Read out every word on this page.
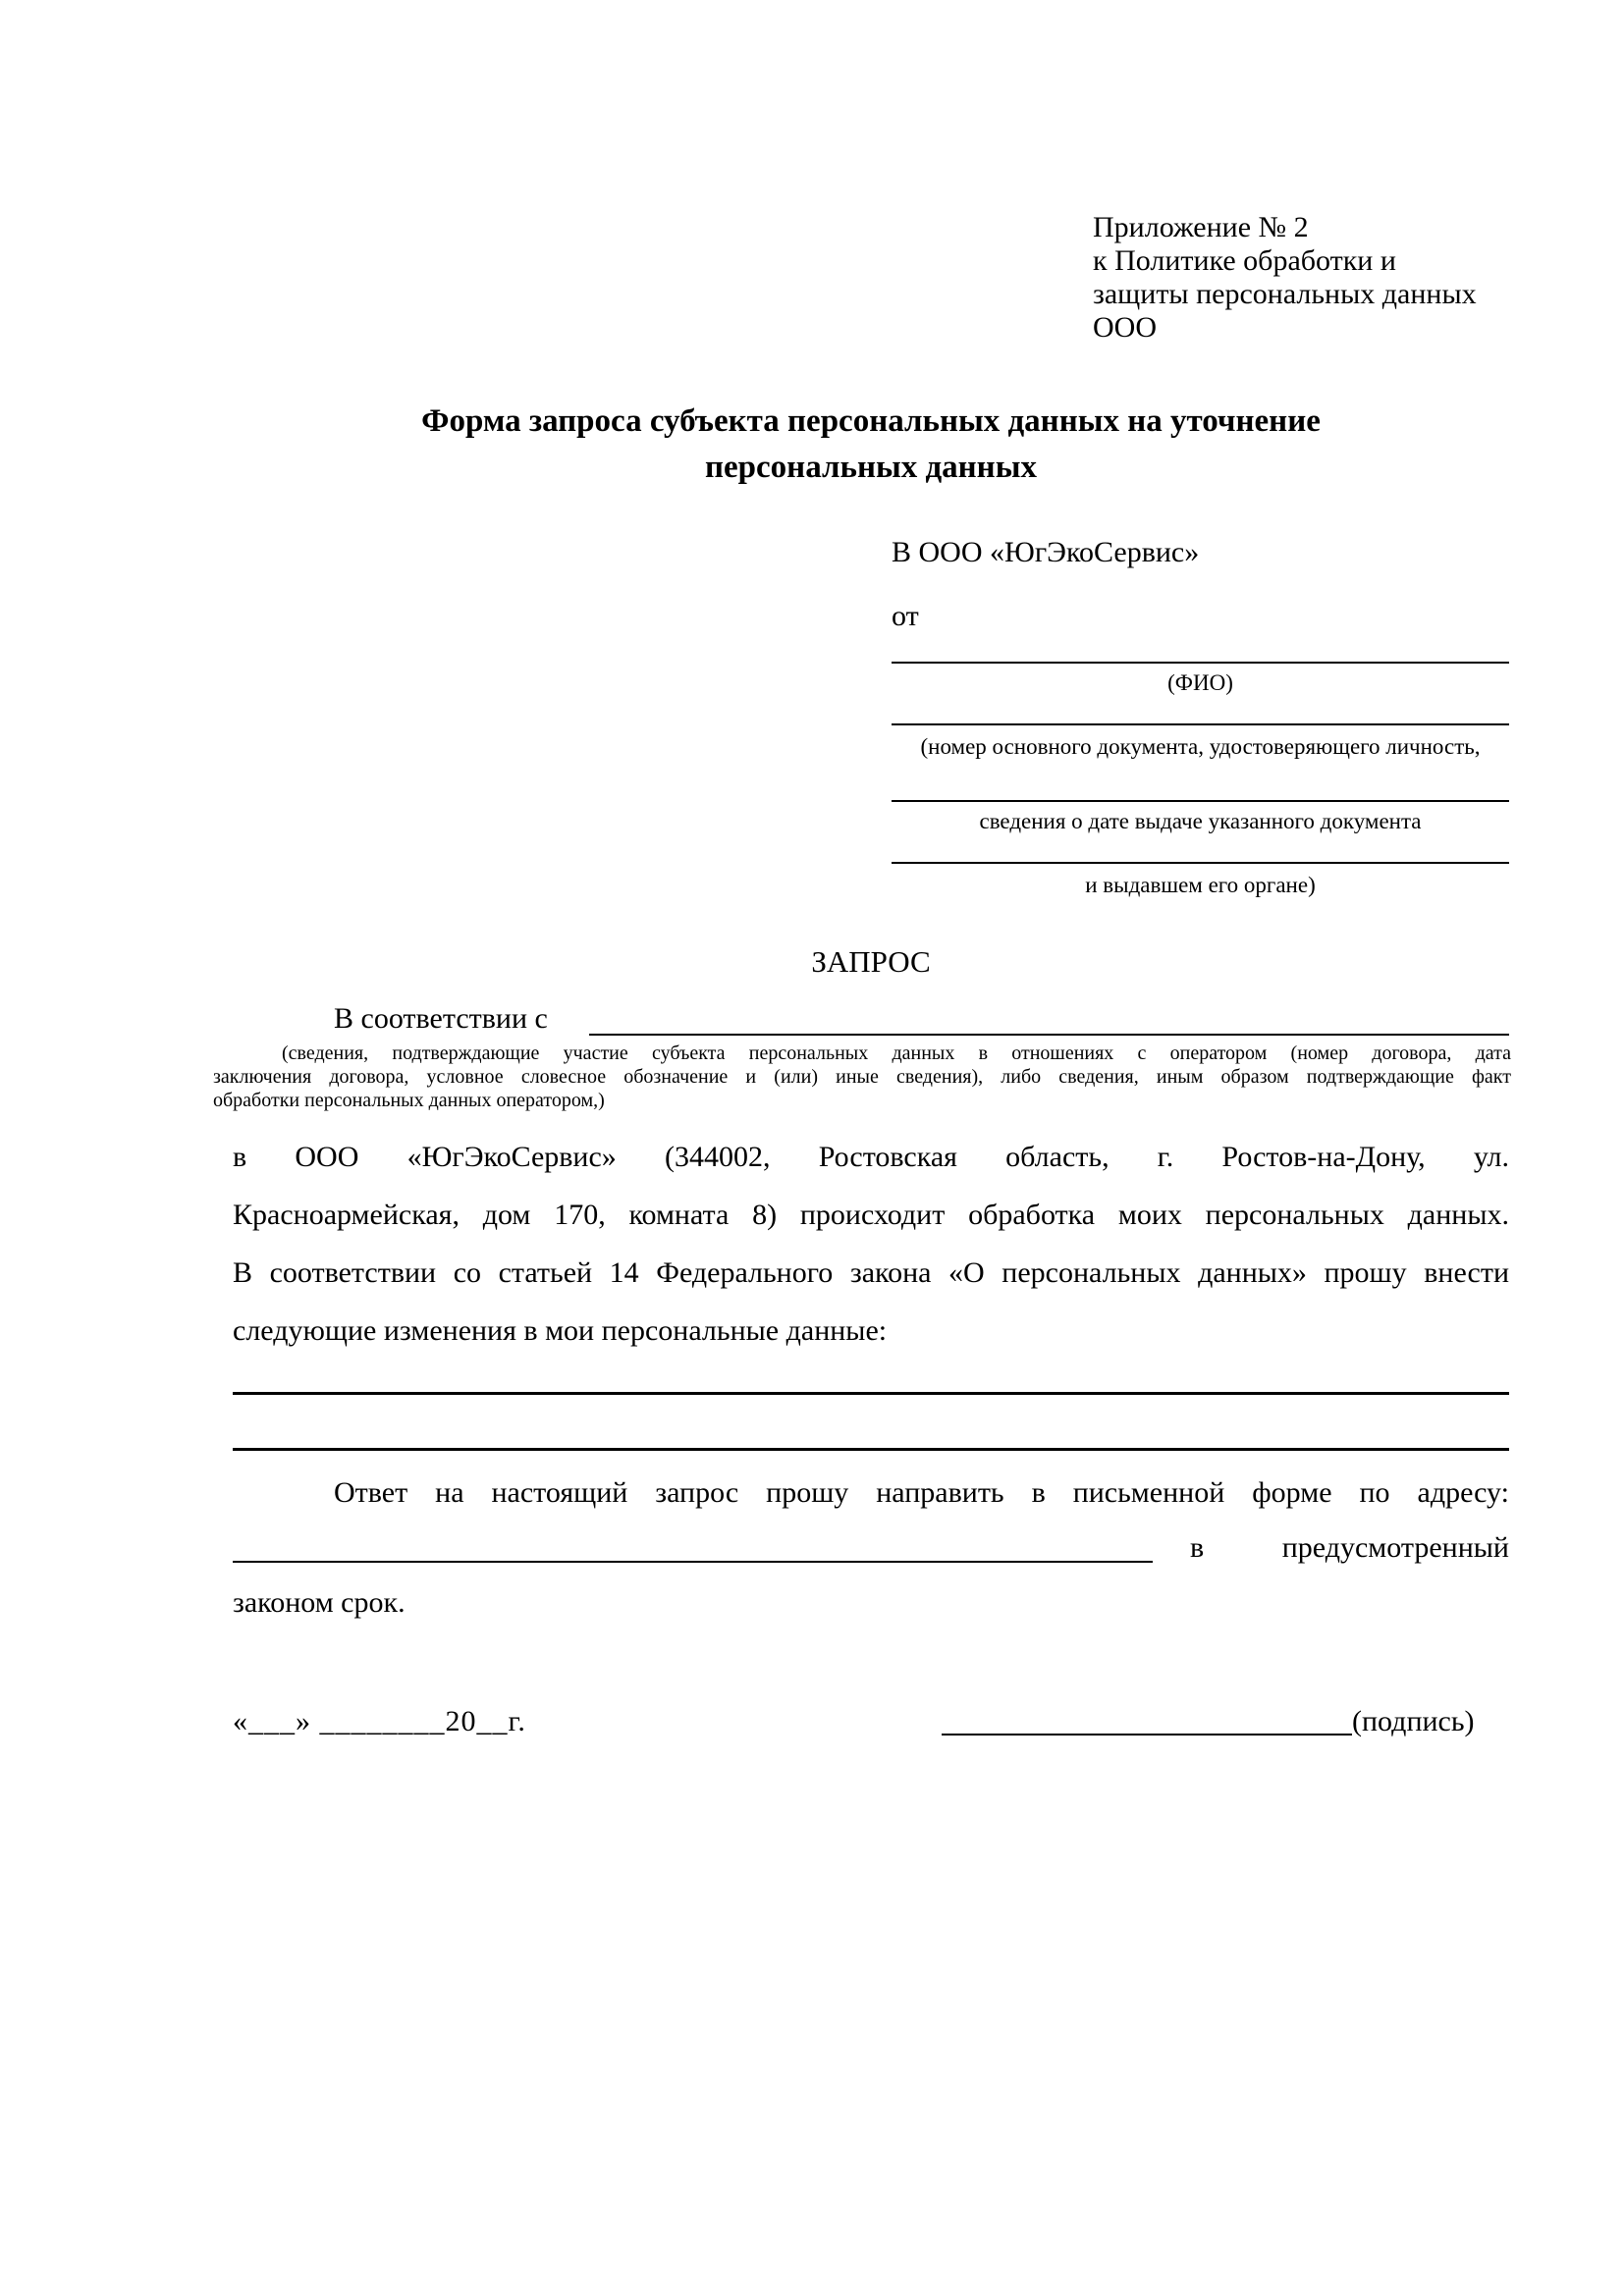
Приложение № 2
к Политике обработки и
защиты персональных данных
ООО
Форма запроса субъекта персональных данных на уточнение
персональных данных
В ООО «ЮгЭкоСервис»
от
(ФИО)
(номер основного документа, удостоверяющего личность,
сведения о дате выдаче указанного документа
и выдавшем его органе)
ЗАПРОС
В соответствии с
(сведения, подтверждающие участие субъекта персональных данных в отношениях с оператором (номер договора, дата
заключения договора, условное словесное обозначение и (или) иные сведения), либо сведения, иным образом подтверждающие факт
обработки персональных данных оператором,)
в ООО «ЮгЭкоСервис» (344002, Ростовская область, г. Ростов-на-Дону, ул.
Красноармейская, дом 170, комната 8) происходит обработка моих персональных данных.
В соответствии со статьей 14 Федерального закона «О персональных данных» прошу внести
следующие изменения в мои персональные данные:
Ответ на настоящий запрос прошу направить в письменной форме по адресу:
в	предусмотренный
законом срок.
«___» ________20__г.	(подпись)
